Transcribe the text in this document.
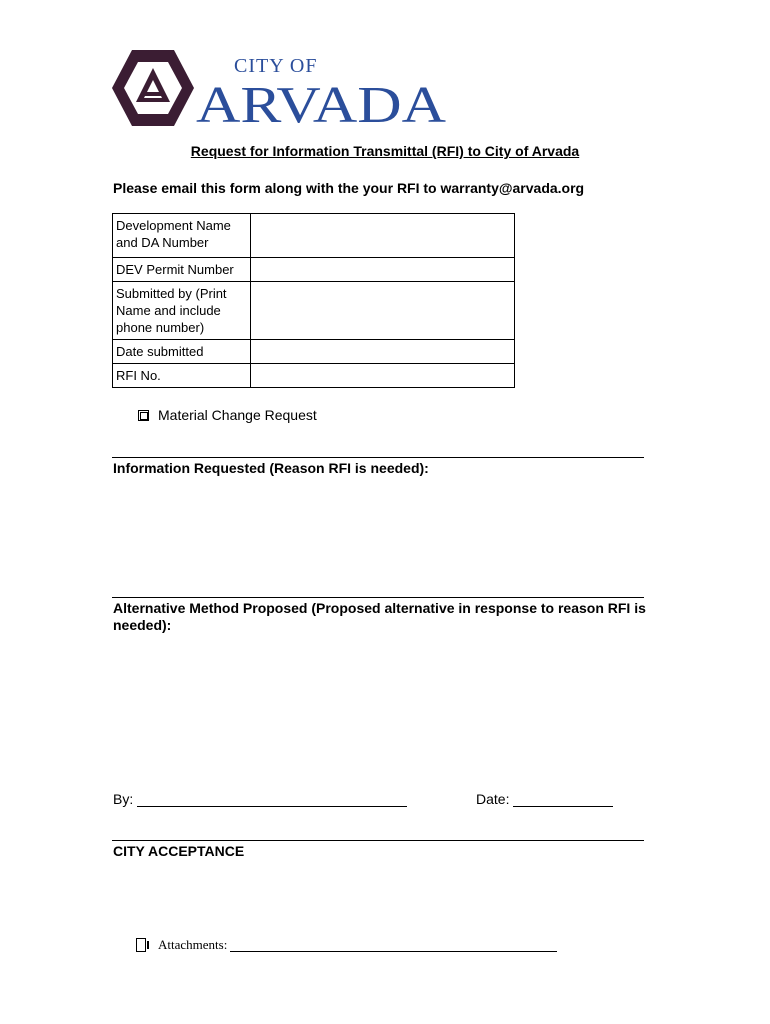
CITY OF
ARVADA
Request for Information Transmittal (RFI) to City of Arvada
Please email this form along with the your RFI to warranty@arvada.org
Development Name and DA Number	
DEV Permit Number	
Submitted by (Print Name and include phone number)	
Date submitted	
RFI No.	
Material Change Request
Information Requested (Reason RFI is needed):
Alternative Method Proposed (Proposed alternative in response to reason RFI is needed):
By:	Date:
CITY ACCEPTANCE
Attachments:
